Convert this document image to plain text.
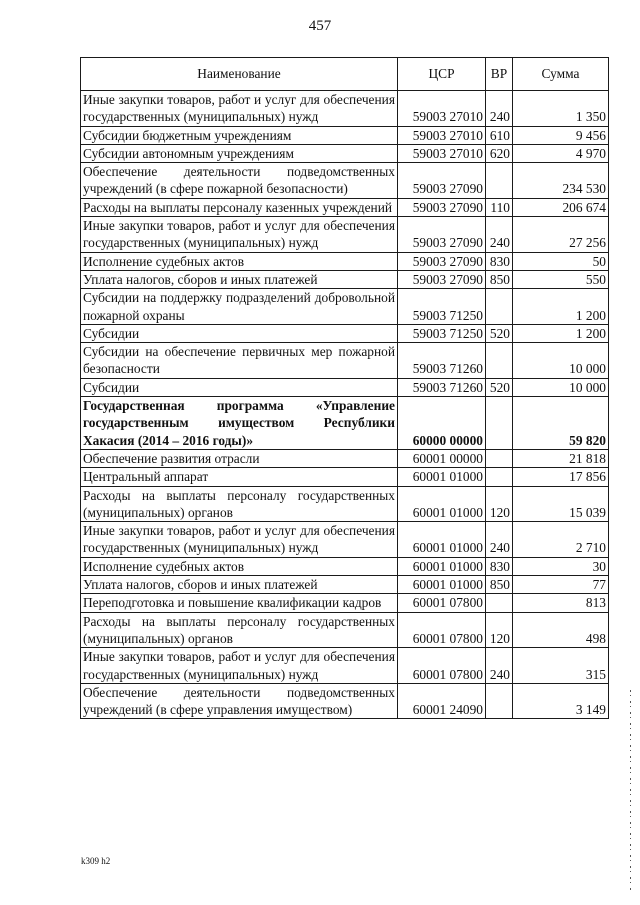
457
Наименование	ЦСР	ВР	Сумма
Иные закупки товаров, работ и услуг для обеспечения государственных (муниципальных) нужд	59003 27010	240	1 350
Субсидии бюджетным учреждениям	59003 27010	610	9 456
Субсидии автономным учреждениям	59003 27010	620	4 970
Обеспечение деятельности подведомственных учреждений (в сфере пожарной безопасности)	59003 27090		234 530
Расходы на выплаты персоналу казенных учреждений	59003 27090	110	206 674
Иные закупки товаров, работ и услуг для обеспечения государственных (муниципальных) нужд	59003 27090	240	27 256
Исполнение судебных актов	59003 27090	830	50
Уплата налогов, сборов и иных платежей	59003 27090	850	550
Субсидии на поддержку подразделений добровольной пожарной охраны	59003 71250		1 200
Субсидии	59003 71250	520	1 200
Субсидии на обеспечение первичных мер пожарной безопасности	59003 71260		10 000
Субсидии	59003 71260	520	10 000
Государственная программа «Управление государственным имуществом Республики Хакасия (2014 – 2016 годы)»	60000 00000		59 820
Обеспечение развития отрасли	60001 00000		21 818
Центральный аппарат	60001 01000		17 856
Расходы на выплаты персоналу государственных (муниципальных) органов	60001 01000	120	15 039
Иные закупки товаров, работ и услуг для обеспечения государственных (муниципальных) нужд	60001 01000	240	2 710
Исполнение судебных актов	60001 01000	830	30
Уплата налогов, сборов и иных платежей	60001 01000	850	77
Переподготовка и повышение квалификации кадров	60001 07800		813
Расходы на выплаты персоналу государственных (муниципальных) органов	60001 07800	120	498
Иные закупки товаров, работ и услуг для обеспечения государственных (муниципальных) нужд	60001 07800	240	315
Обеспечение деятельности подведомственных учреждений (в сфере управления имуществом)	60001 24090		3 149
k309 h2
